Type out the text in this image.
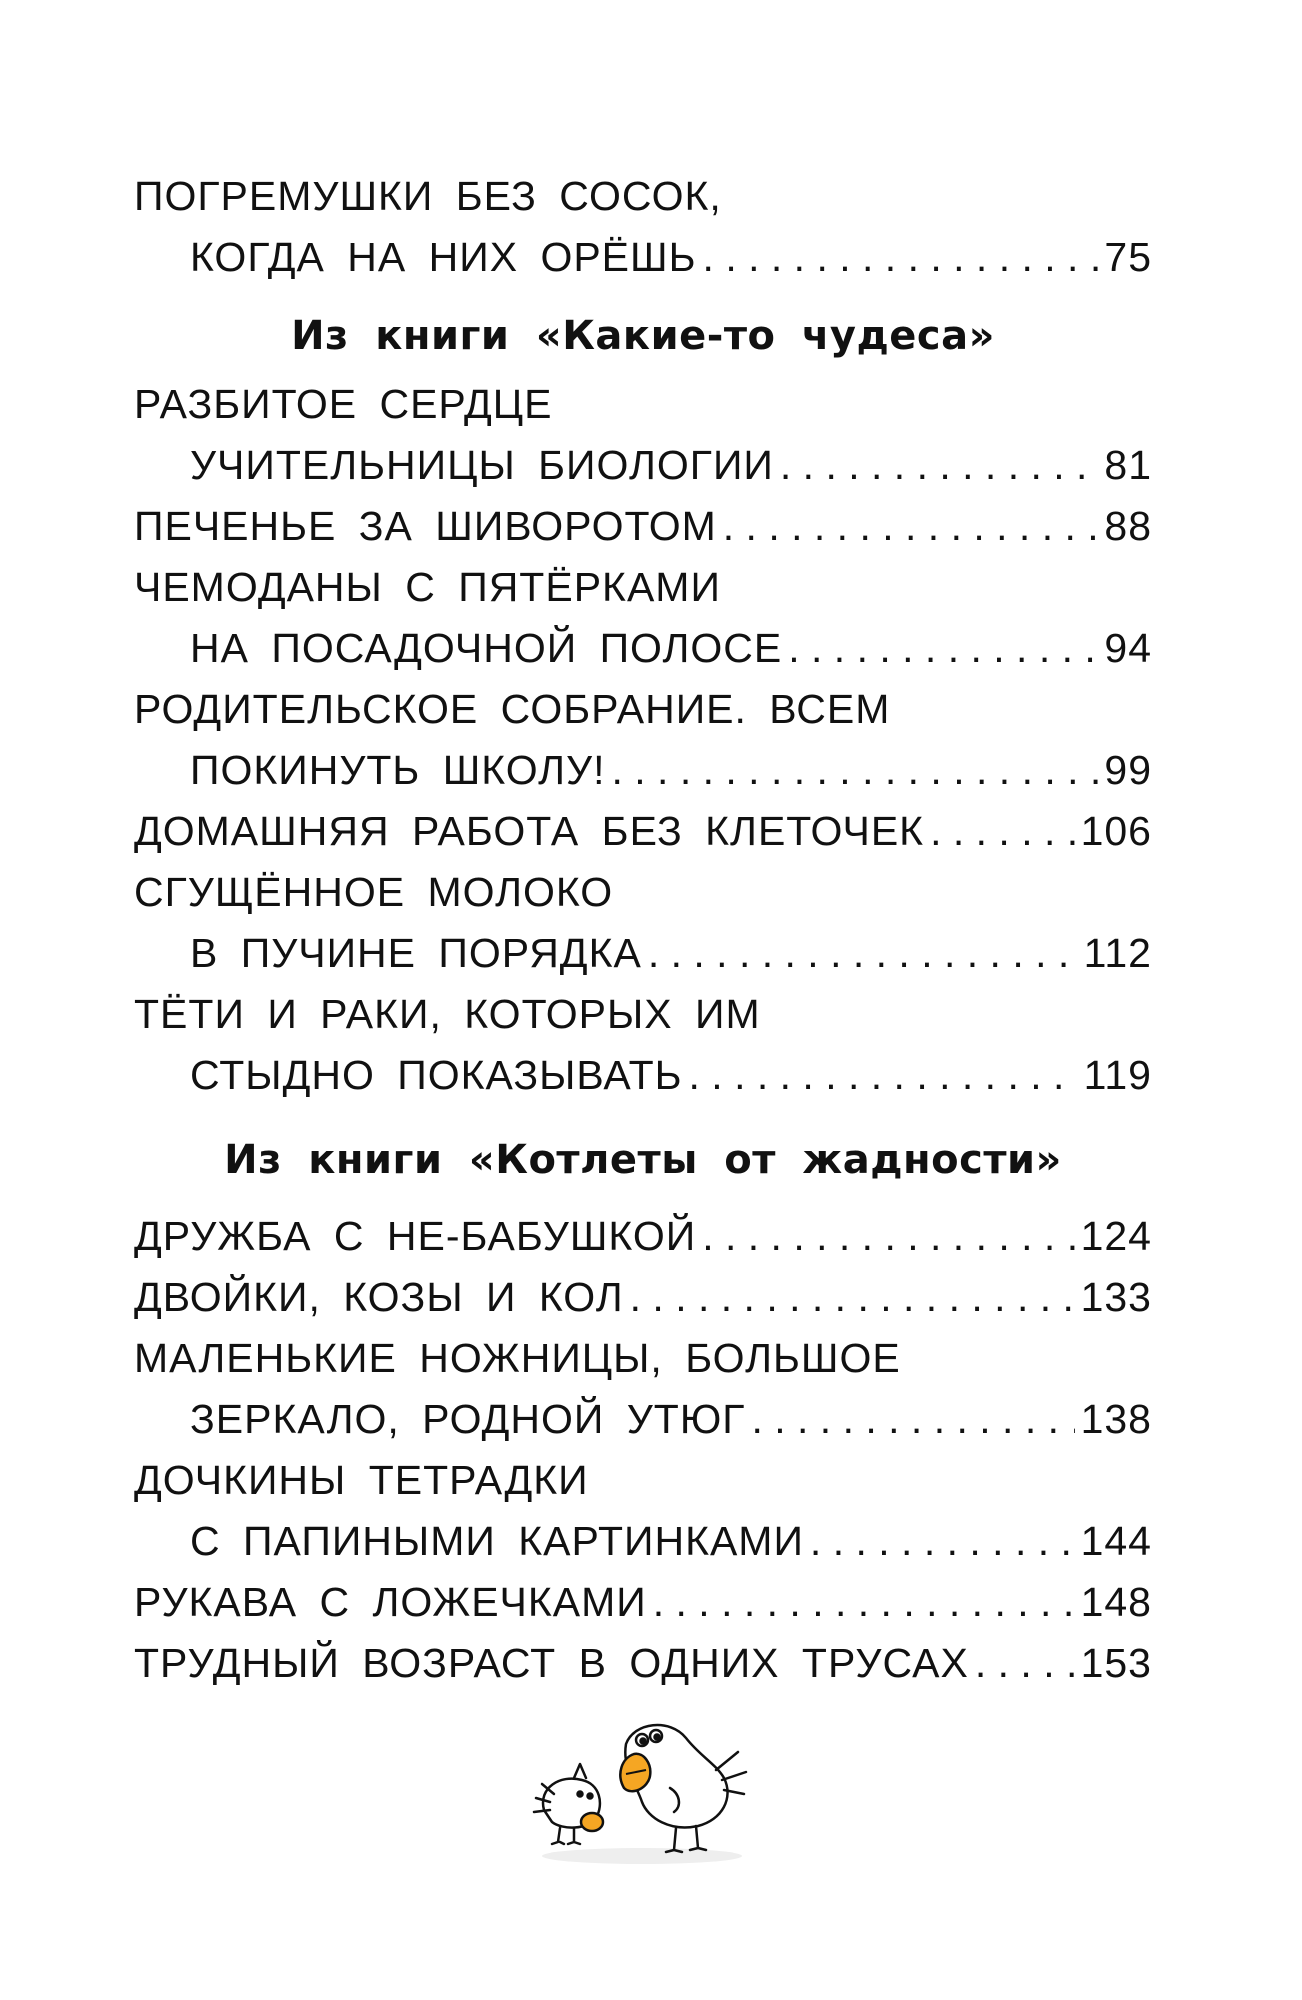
ПОГРЕМУШКИ БЕЗ СОСОК,
КОГДА НА НИХ ОРЁШЬ . . .	75
Из книги «Какие-то чудеса»
РАЗБИТОЕ СЕРДЦЕ
УЧИТЕЛЬНИЦЫ БИОЛОГИИ . . .	81
ПЕЧЕНЬЕ ЗА ШИВОРОТОМ . . .	88
ЧЕМОДАНЫ С ПЯТЁРКАМИ
НА ПОСАДОЧНОЙ ПОЛОСЕ . . .	94
РОДИТЕЛЬСКОЕ СОБРАНИЕ. ВСЕМ
ПОКИНУТЬ ШКОЛУ! . . .	99
ДОМАШНЯЯ РАБОТА БЕЗ КЛЕТОЧЕК . . .	106
СГУЩЁННОЕ МОЛОКО
В ПУЧИНЕ ПОРЯДКА . . .	112
ТЁТИ И РАКИ, КОТОРЫХ ИМ
СТЫДНО ПОКАЗЫВАТЬ . . .	119
Из книги «Котлеты от жадности»
ДРУЖБА С НЕ-БАБУШКОЙ . . .	124
ДВОЙКИ, КОЗЫ И КОЛ . . .	133
МАЛЕНЬКИЕ НОЖНИЦЫ, БОЛЬШОЕ
ЗЕРКАЛО, РОДНОЙ УТЮГ . . .	138
ДОЧКИНЫ ТЕТРАДКИ
С ПАПИНЫМИ КАРТИНКАМИ . . .	144
РУКАВА С ЛОЖЕЧКАМИ . . .	148
ТРУДНЫЙ ВОЗРАСТ В ОДНИХ ТРУСАХ . . .	153
